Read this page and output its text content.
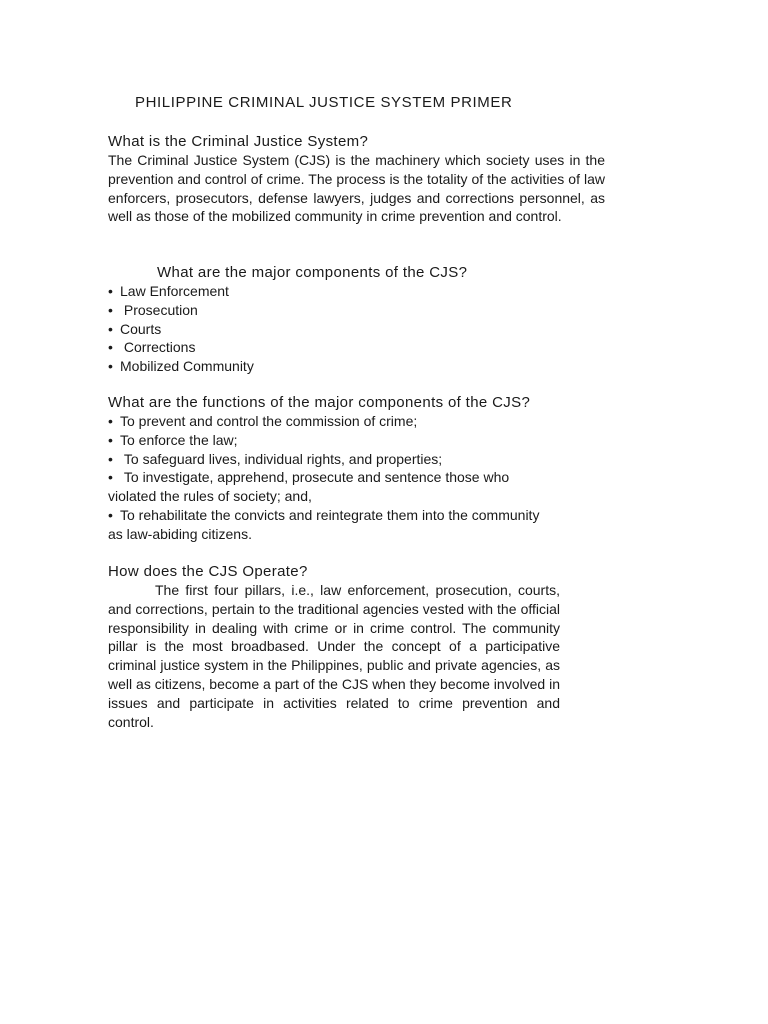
PHILIPPINE CRIMINAL JUSTICE SYSTEM PRIMER
What is the Criminal Justice System?
The Criminal Justice System (CJS) is the machinery which society uses in the prevention and control of crime. The process is the totality of the activities of law enforcers, prosecutors, defense lawyers, judges and corrections personnel, as well as those of the mobilized community in crime prevention and control.
What are the major components of the CJS?
• Law Enforcement
• Prosecution
• Courts
• Corrections
• Mobilized Community
What are the functions of the major components of the CJS?
• To prevent and control the commission of crime;
• To enforce the law;
• To safeguard lives, individual rights, and properties;
• To investigate, apprehend, prosecute and sentence those who violated the rules of society; and,
• To rehabilitate the convicts and reintegrate them into the community as law-abiding citizens.
How does the CJS Operate?
The first four pillars, i.e., law enforcement, prosecution, courts, and corrections, pertain to the traditional agencies vested with the official responsibility in dealing with crime or in crime control. The community pillar is the most broadbased. Under the concept of a participative criminal justice system in the Philippines, public and private agencies, as well as citizens, become a part of the CJS when they become involved in issues and participate in activities related to crime prevention and control.
